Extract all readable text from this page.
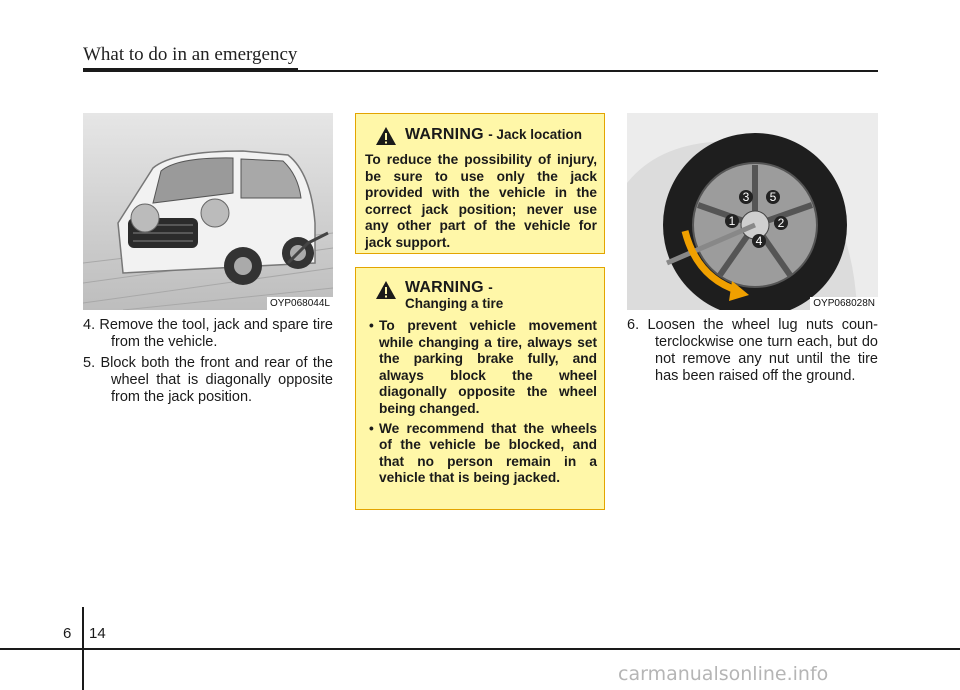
What to do in an emergency
OYP068044L
4. Remove the tool, jack and spare tire from the vehicle.
5. Block both the front and rear of the wheel that is diagonally opposite from the jack position.
WARNING - Jack location
To reduce the possibility of injury, be sure to use only the jack provided with the vehicle in the correct jack position; never use any other part of the vehicle for jack support.
WARNING - Changing a tire
• To prevent vehicle movement while changing a tire, always set the parking brake fully, and always block the wheel diagonally opposite the wheel being changed.
• We recommend that the wheels of the vehicle be blocked, and that no person remain in a vehicle that is being jacked.
1	2
3
4
5
OYP068028N
6. Loosen the wheel lug nuts coun-terclockwise one turn each, but do not remove any nut until the tire has been raised off the ground.
6 14
carmanualsonline.info
